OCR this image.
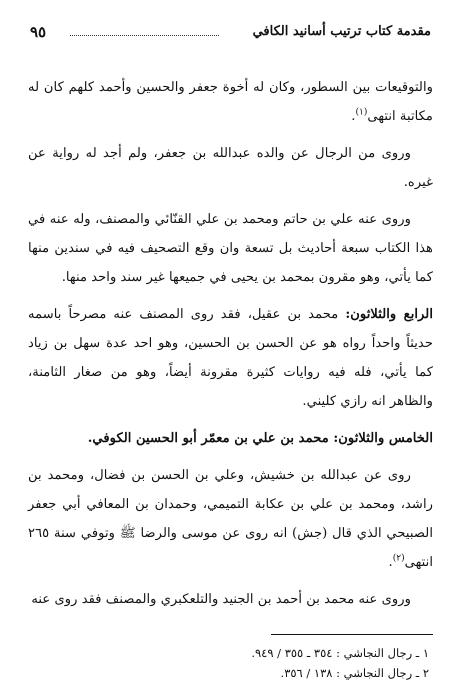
٩٥	مقدمة كتاب ترتيب أسانيد الكافي

والتوقيعات بين السطور، وكان له أخوة جعفر والحسين وأحمد كلهم كان له مكاتبة انتهى$^{(١)}$.

وروى من الرجال عن والده عبدالله بن جعفر، ولم أجد له رواية عن غيره.

وروى عنه علي بن حاتم ومحمد بن علي القنّائي والمصنف، وله عنه في هذا الكتاب سبعة أحاديث بل تسعة وان وقع التصحيف فيه في سندين منها كما يأتي، وهو مقرون بمحمد بن يحيى في جميعها غير سند واحد منها.

الرابع والثلاثون: محمد بن عقيل، فقد روى المصنف عنه مصرحاً باسمه حديثاً واحداً رواه هو عن الحسن بن الحسين، وهو احد عدة سهل بن زياد كما يأتي، فله فيه روايات كثيرة مقرونة أيضاً، وهو من صغار الثامنة، والظاهر انه رازي كليني.

الخامس والثلاثون: محمد بن علي بن معمّر أبو الحسين الكوفي.

روى عن عبدالله بن خشيش، وعلي بن الحسن بن فضال، ومحمد بن راشد، ومحمد بن علي بن عكابة التميمي، وحمدان بن المعافي أبي جعفر الصبيحي الذي قال (جش) انه روى عن موسى والرضا ﷺ وتوفي سنة ٢٦٥ انتهى$^{(٢)}$.

وروى عنه محمد بن أحمد بن الجنيد والتلعكبري والمصنف فقد روى عنه

١ ـ رجال النجاشي : ٣٥٤ ـ ٣٥٥ / ٩٤٩.
٢ ـ رجال النجاشي : ١٣٨ / ٣٥٦.
